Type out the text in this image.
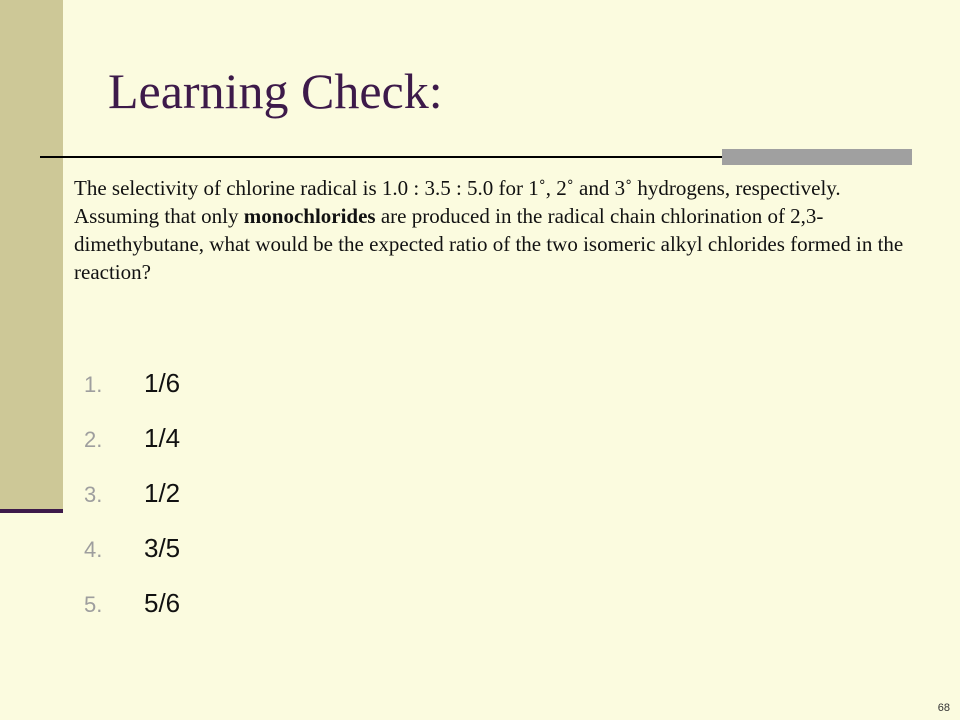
Learning Check:
The selectivity of chlorine radical is 1.0 : 3.5 : 5.0 for 1˚, 2˚ and 3˚ hydrogens, respectively. Assuming that only monochlorides are produced in the radical chain chlorination of 2,3-dimethybutane, what would be the expected ratio of the two isomeric alkyl chlorides formed in the reaction?
1. 1/6
2. 1/4
3. 1/2
4. 3/5
5. 5/6
68
